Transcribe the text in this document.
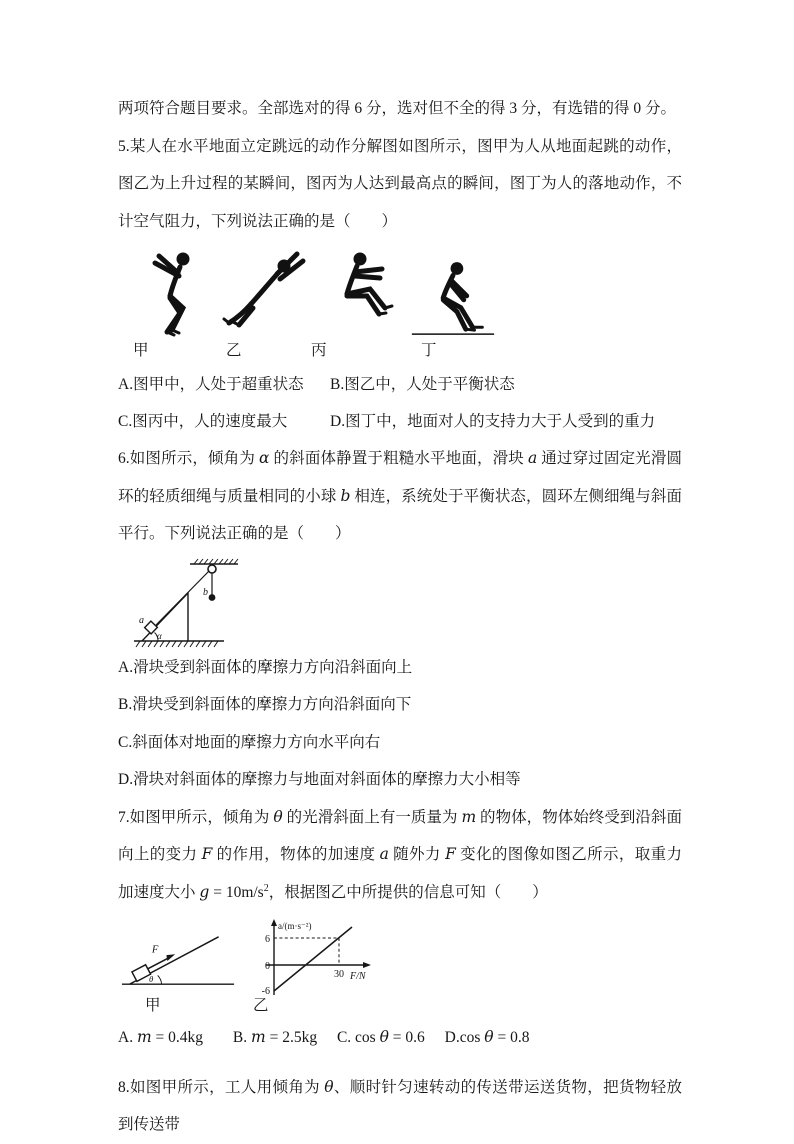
两项符合题目要求。全部选对的得 6 分，选对但不全的得 3 分，有选错的得 0 分。

5.某人在水平地面立定跳远的动作分解图如图所示，图甲为人从地面起跳的动作，图乙为上升过程的某瞬间，图丙为人达到最高点的瞬间，图丁为人的落地动作，不计空气阻力，下列说法正确的是（　　）

甲	乙	丙	丁
A.图甲中，人处于超重状态	B.图乙中，人处于平衡状态
C.图丙中，人的速度最大	D.图丁中，地面对人的支持力大于人受到的重力

6.如图所示，倾角为 α 的斜面体静置于粗糙水平地面，滑块 a 通过穿过固定光滑圆环的轻质细绳与质量相同的小球 b 相连，系统处于平衡状态，圆环左侧细绳与斜面平行。下列说法正确的是（　　）

b
a
α

A.滑块受到斜面体的摩擦力方向沿斜面向上

B.滑块受到斜面体的摩擦力方向沿斜面向下

C.斜面体对地面的摩擦力方向水平向右

D.滑块对斜面体的摩擦力与地面对斜面体的摩擦力大小相等

7.如图甲所示，倾角为 θ 的光滑斜面上有一质量为 m 的物体，物体始终受到沿斜面向上的变力 F 的作用，物体的加速度 a 随外力 F 变化的图像如图乙所示，取重力加速度大小 $g = 10m/s^2$，根据图乙中所提供的信息可知（　　）

F
θ
a/(m·s⁻²)
F/N
6
0
-6
30
甲	乙
A. m = 0.4kg B. m = 2.5kg C. cos θ = 0.6 D.cos θ = 0.8

8.如图甲所示，工人用倾角为 θ、顺时针匀速转动的传送带运送货物，把货物轻放到传送带
